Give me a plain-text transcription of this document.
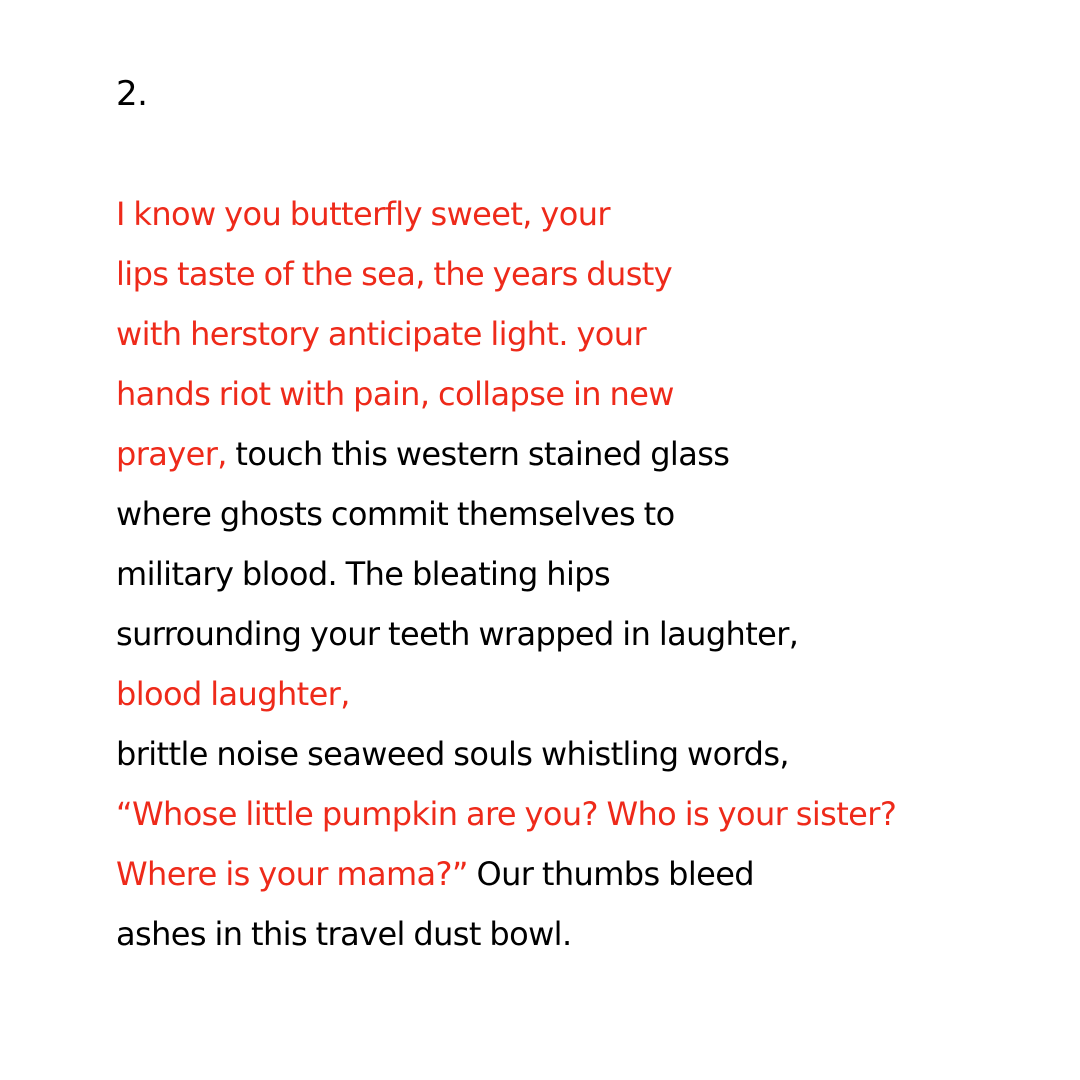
2.
I know you butterfly sweet, your
lips taste of the sea, the years dusty
with herstory anticipate light. your
hands riot with pain, collapse in new
prayer, touch this western stained glass
where ghosts commit themselves to
military blood. The bleating hips
surrounding your teeth wrapped in laughter,
blood laughter,
brittle noise seaweed souls whistling words,
“Whose little pumpkin are you? Who is your sister?
Where is your mama?” Our thumbs bleed
ashes in this travel dust bowl.
